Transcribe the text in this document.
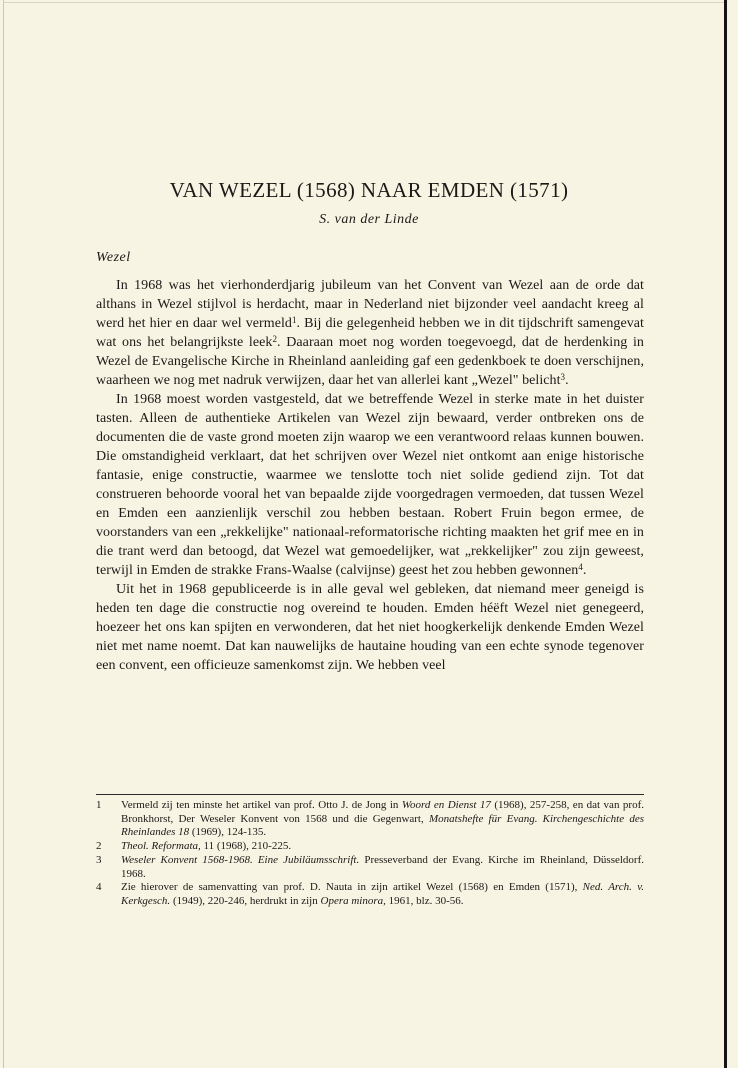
VAN WEZEL (1568) NAAR EMDEN (1571)
S. van der Linde
Wezel

In 1968 was het vierhonderdjarig jubileum van het Convent van Wezel aan de orde dat althans in Wezel stijlvol is herdacht, maar in Nederland niet bijzonder veel aandacht kreeg al werd het hier en daar wel vermeld$^1$. Bij die gelegenheid hebben we in dit tijdschrift samengevat wat ons het belangrijkste leek$^2$. Daaraan moet nog worden toegevoegd, dat de herdenking in Wezel de Evangelische Kirche in Rheinland aanleiding gaf een gedenkboek te doen verschijnen, waarheen we nog met nadruk verwijzen, daar het van allerlei kant „Wezel" belicht$^3$.

In 1968 moest worden vastgesteld, dat we betreffende Wezel in sterke mate in het duister tasten. Alleen de authentieke Artikelen van Wezel zijn bewaard, verder ontbreken ons de documenten die de vaste grond moeten zijn waarop we een verantwoord relaas kunnen bouwen. Die omstandigheid verklaart, dat het schrijven over Wezel niet ontkomt aan enige historische fantasie, enige constructie, waarmee we tenslotte toch niet solide gediend zijn. Tot dat construeren behoorde vooral het van bepaalde zijde voorgedragen vermoeden, dat tussen Wezel en Emden een aanzienlijk verschil zou hebben bestaan. Robert Fruin begon ermee, de voorstanders van een „rekkelijke" nationaal-reformatorische richting maakten het grif mee en in die trant werd dan betoogd, dat Wezel wat gemoedelijker, wat „rekkelijker" zou zijn geweest, terwijl in Emden de strakke Frans-Waalse (calvijnse) geest het zou hebben gewonnen$^4$.

Uit het in 1968 gepubliceerde is in alle geval wel gebleken, dat niemand meer geneigd is heden ten dage die constructie nog overeind te houden. Emden héëft Wezel niet genegeerd, hoezeer het ons kan spijten en verwonderen, dat het niet hoogkerkelijk denkende Emden Wezel niet met name noemt. Dat kan nauwelijks de hautaine houding van een echte synode tegenover een convent, een officieuze samenkomst zijn. We hebben veel

1 Vermeld zij ten minste het artikel van prof. Otto J. de Jong in Woord en Dienst 17 (1968), 257-258, en dat van prof. Bronkhorst, Der Weseler Konvent von 1568 und die Gegenwart, Monatshefte für Evang. Kirchengeschichte des Rheinlandes 18 (1969), 124-135.
2 Theol. Reformata, 11 (1968), 210-225.
3 Weseler Konvent 1568-1968. Eine Jubiläumsschrift. Presseverband der Evang. Kirche im Rheinland, Düsseldorf. 1968.
4 Zie hierover de samenvatting van prof. D. Nauta in zijn artikel Wezel (1568) en Emden (1571), Ned. Arch. v. Kerkgesch. (1949), 220-246, herdrukt in zijn Opera minora, 1961, blz. 30-56.
